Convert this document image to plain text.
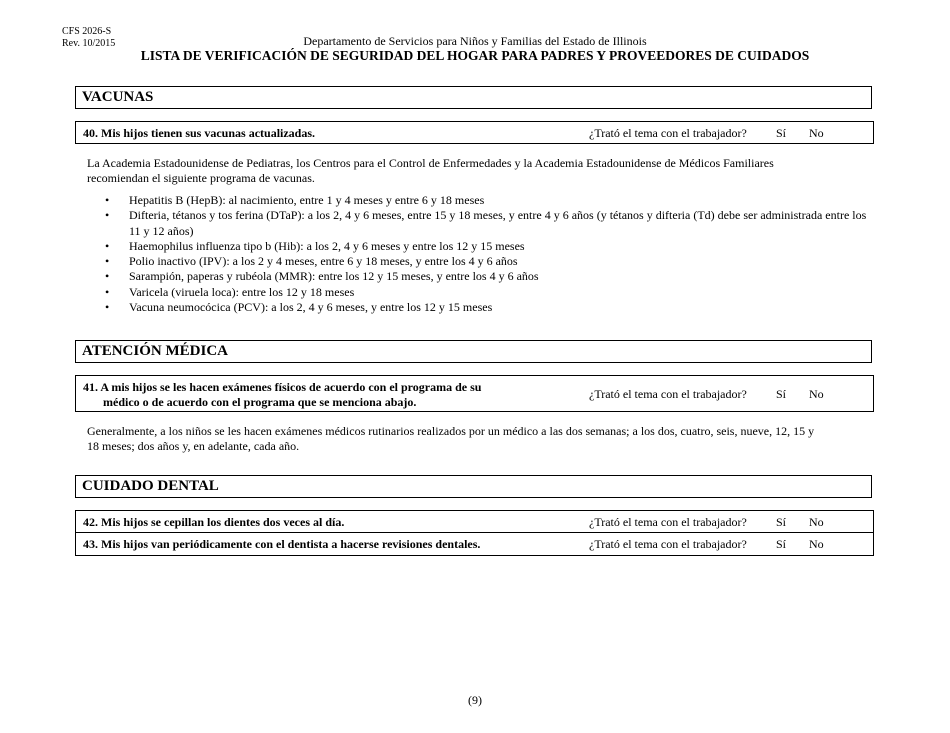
CFS 2026-S
Rev. 10/2015	Departamento de Servicios para Niños y Familias del Estado de Illinois
LISTA DE VERIFICACIÓN DE SEGURIDAD DEL HOGAR PARA PADRES Y PROVEEDORES DE CUIDADOS
VACUNAS
40. Mis hijos tienen sus vacunas actualizadas.	¿Trató el tema con el trabajador? Sí No
La Academia Estadounidense de Pediatras, los Centros para el Control de Enfermedades y la Academia Estadounidense de Médicos Familiares
recomiendan el siguiente programa de vacunas.
• Hepatitis B (HepB): al nacimiento, entre 1 y 4 meses y entre 6 y 18 meses
• Difteria, tétanos y tos ferina (DTaP): a los 2, 4 y 6 meses, entre 15 y 18 meses, y entre 4 y 6 años (y tétanos y difteria (Td) debe ser administrada entre los 11 y 12 años)
• Haemophilus influenza tipo b (Hib): a los 2, 4 y 6 meses y entre los 12 y 15 meses
• Polio inactivo (IPV): a los 2 y 4 meses, entre 6 y 18 meses, y entre los 4 y 6 años
• Sarampión, paperas y rubéola (MMR): entre los 12 y 15 meses, y entre los 4 y 6 años
• Varicela (viruela loca): entre los 12 y 18 meses
• Vacuna neumocócica (PCV): a los 2, 4 y 6 meses, y entre los 12 y 15 meses
ATENCIÓN MÉDICA
41. A mis hijos se les hacen exámenes físicos de acuerdo con el programa de su
médico o de acuerdo con el programa que se menciona abajo.
¿Trató el tema con el trabajador? Sí No
Generalmente, a los niños se les hacen exámenes médicos rutinarios realizados por un médico a las dos semanas; a los dos, cuatro, seis, nueve, 12, 15 y
18 meses; dos años y, en adelante, cada año.
CUIDADO DENTAL
42. Mis hijos se cepillan los dientes dos veces al día.	¿Trató el tema con el trabajador? Sí No
43. Mis hijos van periódicamente con el dentista a hacerse revisiones dentales.	¿Trató el tema con el trabajador? Sí No
(9)
